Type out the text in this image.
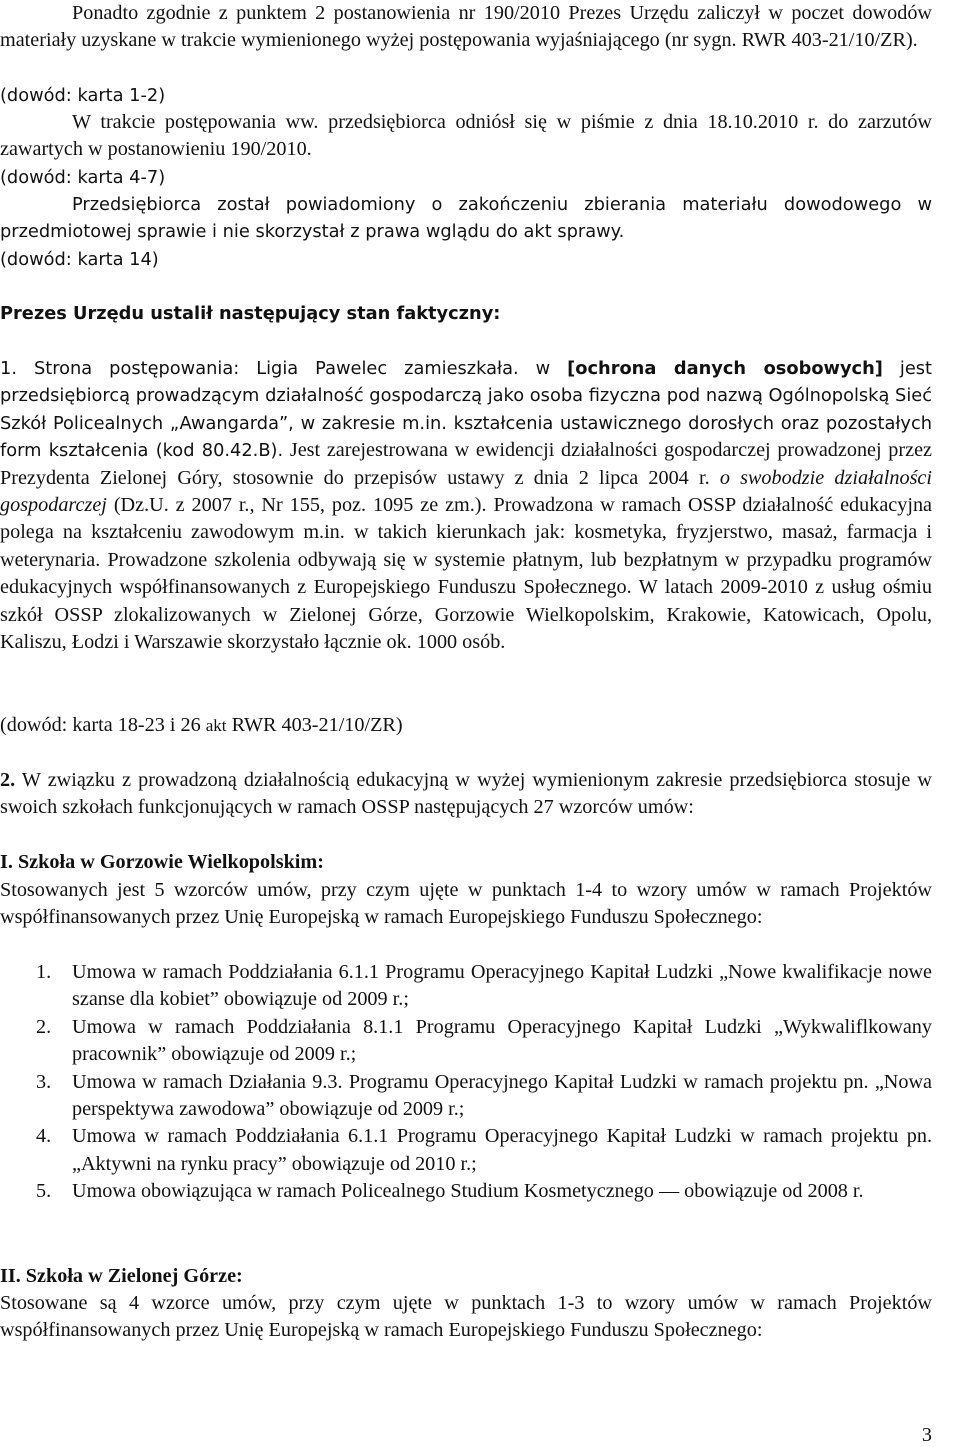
Ponadto zgodnie z punktem 2 postanowienia nr 190/2010 Prezes Urzędu zaliczył w poczet dowodów materiały uzyskane w trakcie wymienionego wyżej postępowania wyjaśniającego (nr sygn. RWR 403-21/10/ZR).

(dowód: karta 1-2)

W trakcie postępowania ww. przedsiębiorca odniósł się w piśmie z dnia 18.10.2010 r. do zarzutów zawartych w postanowieniu 190/2010.

(dowód: karta 4-7)

Przedsiębiorca został powiadomiony o zakończeniu zbierania materiału dowodowego w przedmiotowej sprawie i nie skorzystał z prawa wglądu do akt sprawy.

(dowód: karta 14)

Prezes Urzędu ustalił następujący stan faktyczny:

1. Strona postępowania: Ligia Pawelec zamieszkała. w [ochrona danych osobowych] jest przedsiębiorcą prowadzącym działalność gospodarczą jako osoba fizyczna pod nazwą Ogólnopolską Sieć Szkół Policealnych „Awangarda”, w zakresie m.in. kształcenia ustawicznego dorosłych oraz pozostałych form kształcenia (kod 80.42.B). Jest zarejestrowana w ewidencji działalności gospodarczej prowadzonej przez Prezydenta Zielonej Góry, stosownie do przepisów ustawy z dnia 2 lipca 2004 r. o swobodzie działalności gospodarczej (Dz.U. z 2007 r., Nr 155, poz. 1095 ze zm.). Prowadzona w ramach OSSP działalność edukacyjna polega na kształceniu zawodowym m.in. w takich kierunkach jak: kosmetyka, fryzjerstwo, masaż, farmacja i weterynaria. Prowadzone szkolenia odbywają się w systemie płatnym, lub bezpłatnym w przypadku programów edukacyjnych współfinansowanych z Europejskiego Funduszu Społecznego. W latach 2009-2010 z usług ośmiu szkół OSSP zlokalizowanych w Zielonej Górze, Gorzowie Wielkopolskim, Krakowie, Katowicach, Opolu, Kaliszu, Łodzi i Warszawie skorzystało łącznie ok. 1000 osób.

(dowód: karta 18-23 i 26 akt RWR 403-21/10/ZR)

2. W związku z prowadzoną działalnością edukacyjną w wyżej wymienionym zakresie przedsiębiorca stosuje w swoich szkołach funkcjonujących w ramach OSSP następujących 27 wzorców umów:

I. Szkoła w Gorzowie Wielkopolskim:

Stosowanych jest 5 wzorców umów, przy czym ujęte w punktach 1-4 to wzory umów w ramach Projektów współfinansowanych przez Unię Europejską w ramach Europejskiego Funduszu Społecznego:

1. Umowa w ramach Poddziałania 6.1.1 Programu Operacyjnego Kapitał Ludzki „Nowe kwalifikacje nowe szanse dla kobiet” obowiązuje od 2009 r.;
2. Umowa w ramach Poddziałania 8.1.1 Programu Operacyjnego Kapitał Ludzki „Wykwaliflkowany pracownik” obowiązuje od 2009 r.;
3. Umowa w ramach Działania 9.3. Programu Operacyjnego Kapitał Ludzki w ramach projektu pn. „Nowa perspektywa zawodowa” obowiązuje od 2009 r.;
4. Umowa w ramach Poddziałania 6.1.1 Programu Operacyjnego Kapitał Ludzki w ramach projektu pn. „Aktywni na rynku pracy” obowiązuje od 2010 r.;
5. Umowa obowiązująca w ramach Policealnego Studium Kosmetycznego — obowiązuje od 2008 r.

II. Szkoła w Zielonej Górze:

Stosowane są 4 wzorce umów, przy czym ujęte w punktach 1-3 to wzory umów w ramach Projektów współfinansowanych przez Unię Europejską w ramach Europejskiego Funduszu Społecznego:

3
